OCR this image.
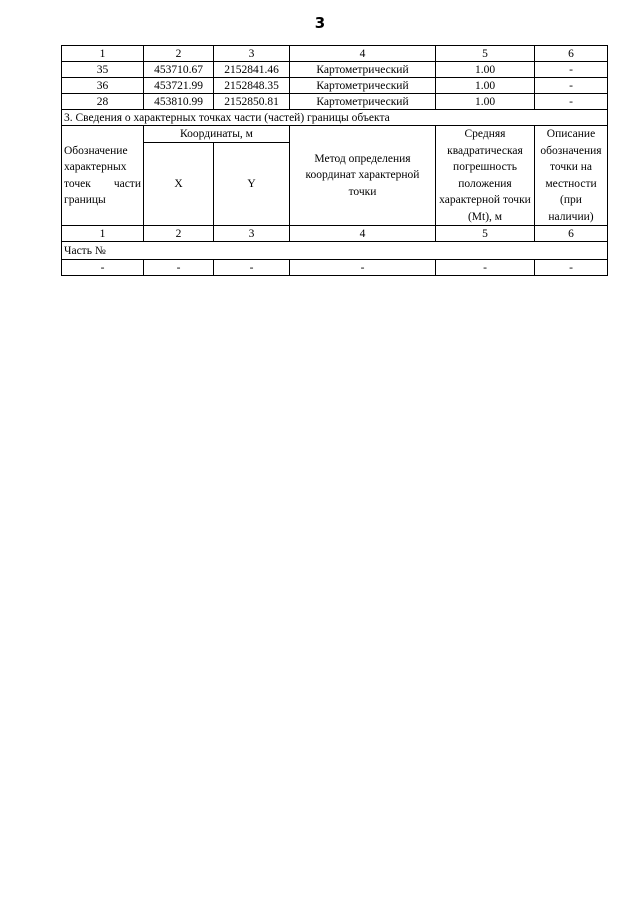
3
1	2	3	4	5	6
35	453710.67	2152841.46	Картометрический	1.00	-
36	453721.99	2152848.35	Картометрический	1.00	-
28	453810.99	2152850.81	Картометрический	1.00	-
3. Сведения о характерных точках части (частей) границы объекта					
Обозначение характерных точек части границы	Координаты, м		Метод определения координат характерной точки	Средняя квадратическая погрешность положения характерной точки (Mt), м	Описание обозначения точки на местности (при наличии)
	X	Y			
1	2	3	4	5	6
Часть №					
-	-	-	-	-	-
